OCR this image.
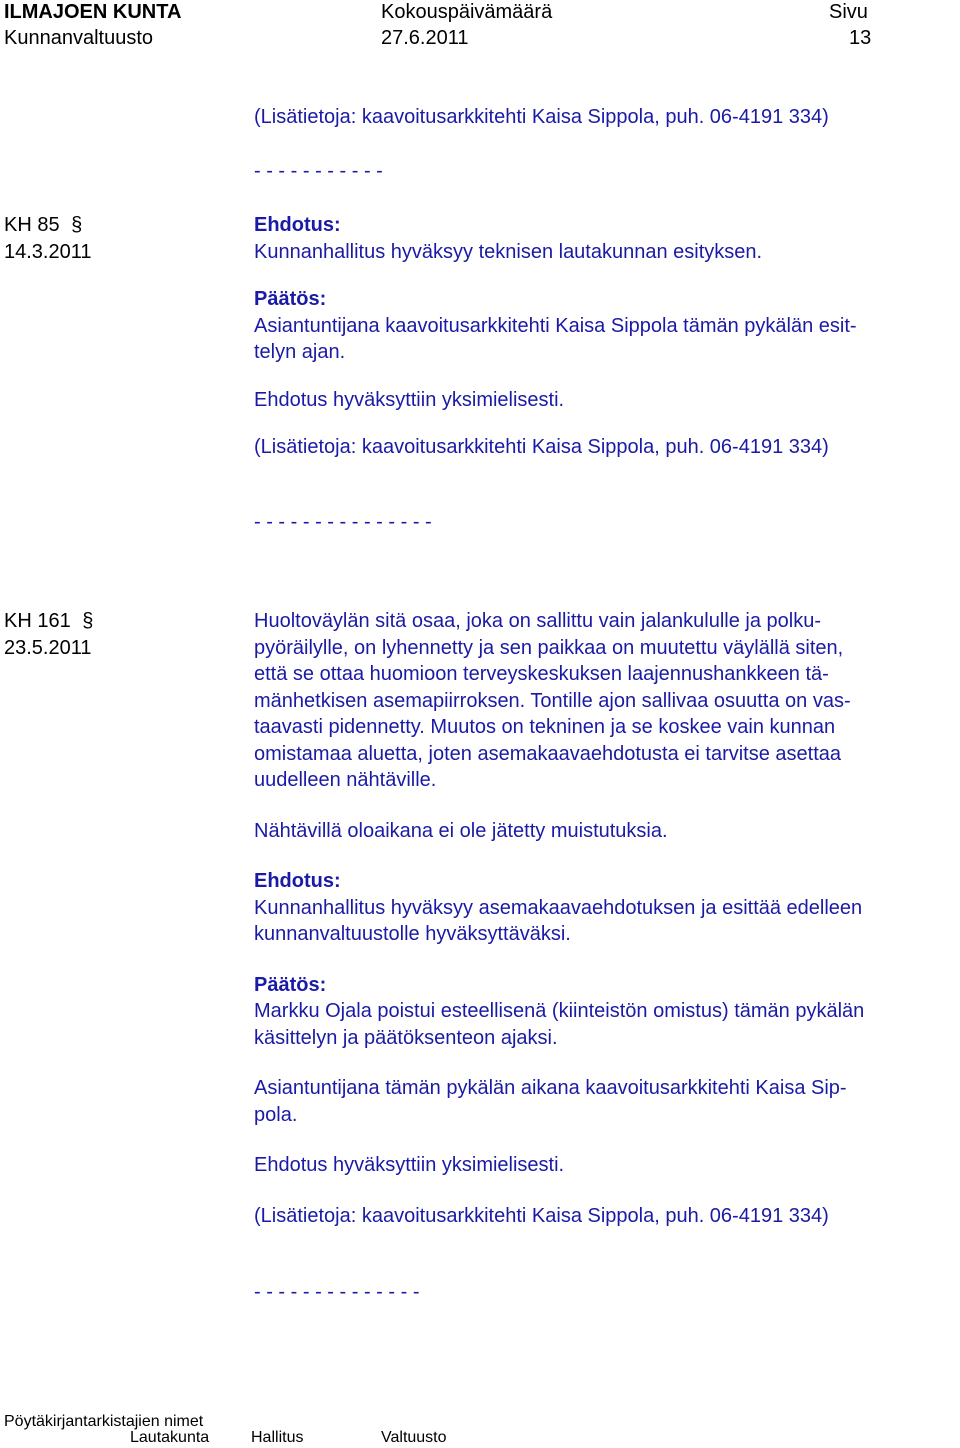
ILMAJOEN KUNTA
Kunnanvaltuusto
Kokouspäivämäärä
27.6.2011
Sivu
13
(Lisätietoja: kaavoitusarkkitehti Kaisa Sippola, puh. 06-4191 334)
- - - - - - - - - - -
KH 85 §
14.3.2011

Ehdotus:

Kunnanhallitus hyväksyy teknisen lautakunnan esityksen.

Päätös:

Asiantuntijana kaavoitusarkkitehti Kaisa Sippola tämän pykälän esit-

telyn ajan.

Ehdotus hyväksyttiin yksimielisesti.

(Lisätietoja: kaavoitusarkkitehti Kaisa Sippola, puh. 06-4191 334)

- - - - - - - - - - - - - - -

KH 161 §
23.5.2011

Huoltoväylän sitä osaa, joka on sallittu vain jalankululle ja polku-

pyöräilylle, on lyhennetty ja sen paikkaa on muutettu väylällä siten,

että se ottaa huomioon terveyskeskuksen laajennushankkeen tä-

mänhetkisen asemapiirroksen. Tontille ajon sallivaa osuutta on vas-

taavasti pidennetty. Muutos on tekninen ja se koskee vain kunnan

omistamaa aluetta, joten asemakaavaehdotusta ei tarvitse asettaa

uudelleen nähtäville.

Nähtävillä oloaikana ei ole jätetty muistutuksia.

Ehdotus:

Kunnanhallitus hyväksyy asemakaavaehdotuksen ja esittää edelleen

kunnanvaltuustolle hyväksyttäväksi.

Päätös:

Markku Ojala poistui esteellisenä (kiinteistön omistus) tämän pykälän

käsittelyn ja päätöksenteon ajaksi.

Asiantuntijana tämän pykälän aikana kaavoitusarkkitehti Kaisa Sip-

pola.

Ehdotus hyväksyttiin yksimielisesti.

(Lisätietoja: kaavoitusarkkitehti Kaisa Sippola, puh. 06-4191 334)

- - - - - - - - - - - - - -

Pöytäkirjantarkistajien nimet
Lautakunta	Hallitus	Valtuusto
